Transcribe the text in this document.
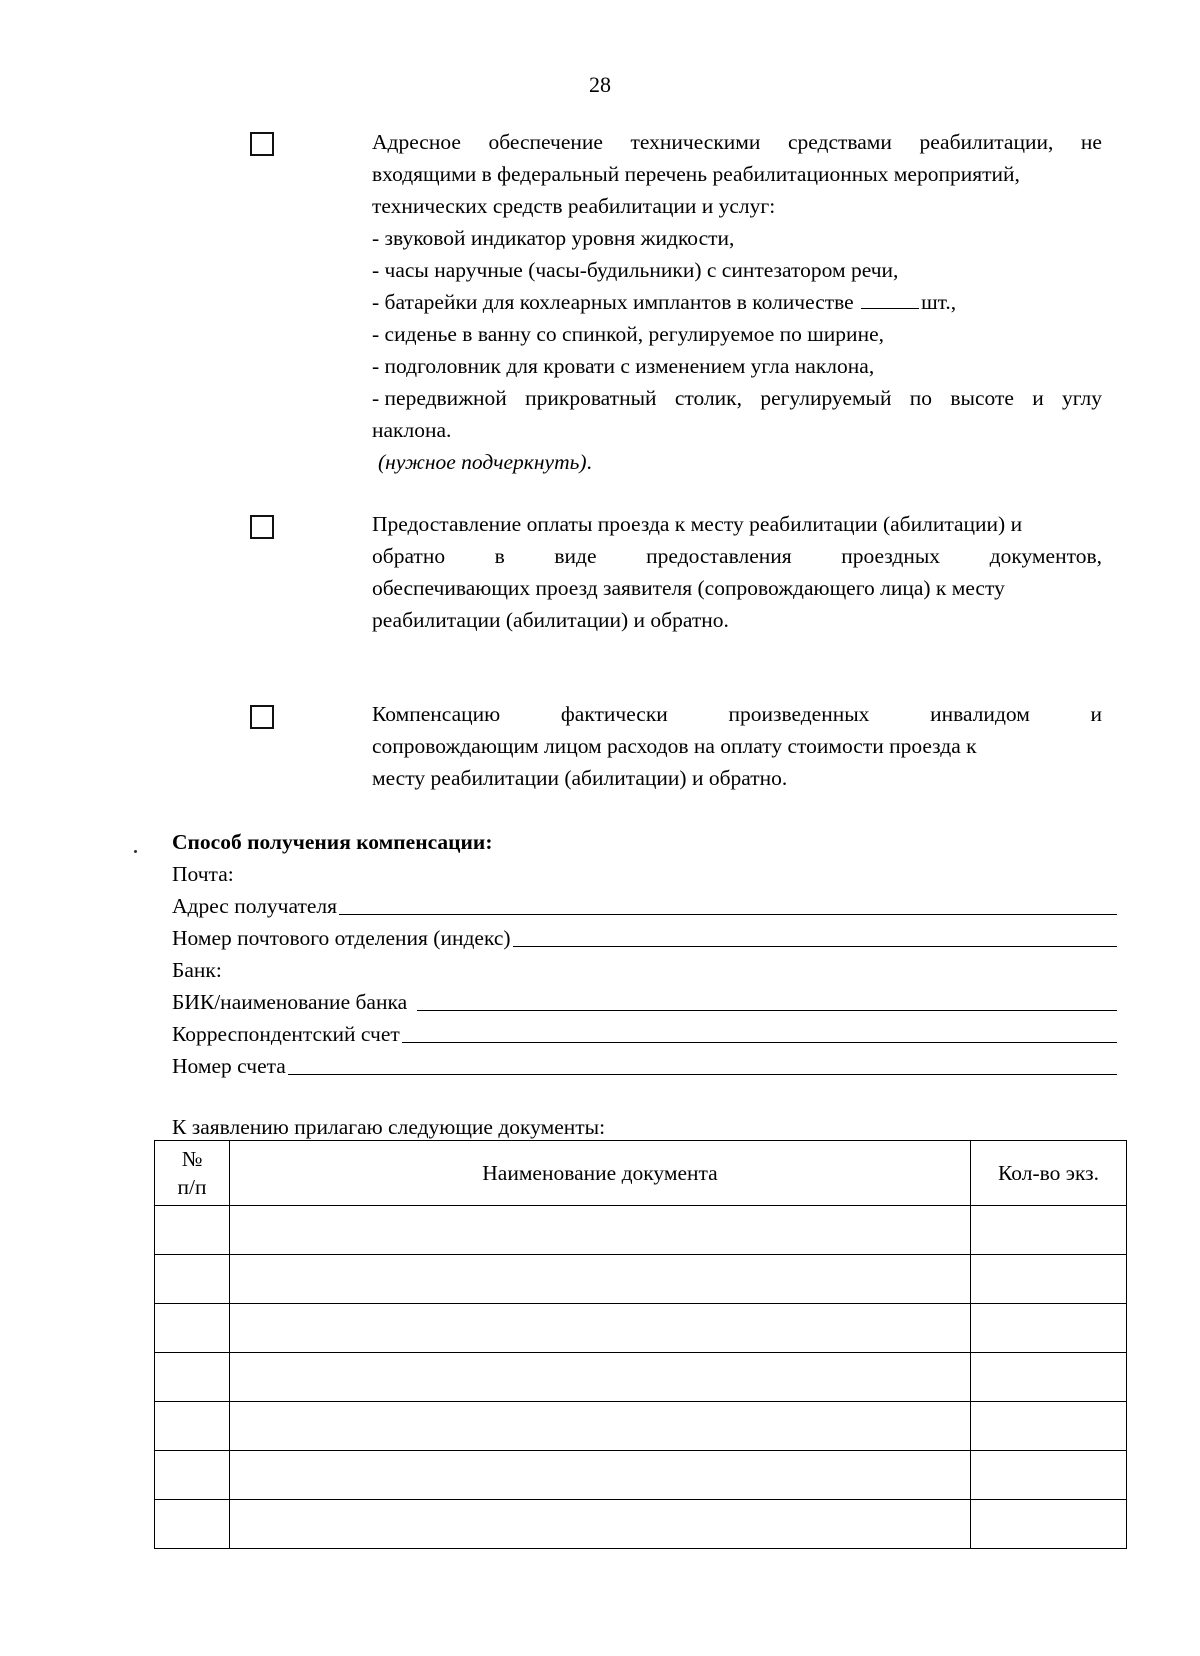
28
Адресное обеспечение техническими средствами реабилитации, не
входящими в федеральный перечень реабилитационных мероприятий,
технических средств реабилитации и услуг:
- звуковой индикатор уровня жидкости,
- часы наручные (часы-будильники) с синтезатором речи,
- батарейки для кохлеарных имплантов в количестве	шт.,
- сиденье в ванну со спинкой, регулируемое по ширине,
- подголовник для кровати с изменением угла наклона,
- передвижной прикроватный столик, регулируемый по высоте и углу
наклона.
(нужное подчеркнуть).
Предоставление оплаты проезда к месту реабилитации (абилитации) и
обратно в виде предоставления проездных документов,
обеспечивающих проезд заявителя (сопровождающего лица) к месту
реабилитации (абилитации) и обратно.
Компенсацию	фактически	произведенных	инвалидом	и
сопровождающим лицом расходов на оплату стоимости проезда к
месту реабилитации (абилитации) и обратно.
Способ получения компенсации:
Почта:
Адрес получателя
Номер почтового отделения (индекс)
Банк:
БИК/наименование банка
Корреспондентский счет
Номер счета
К заявлению прилагаю следующие документы:
№
п/п	Наименование документа	Кол-во экз.
